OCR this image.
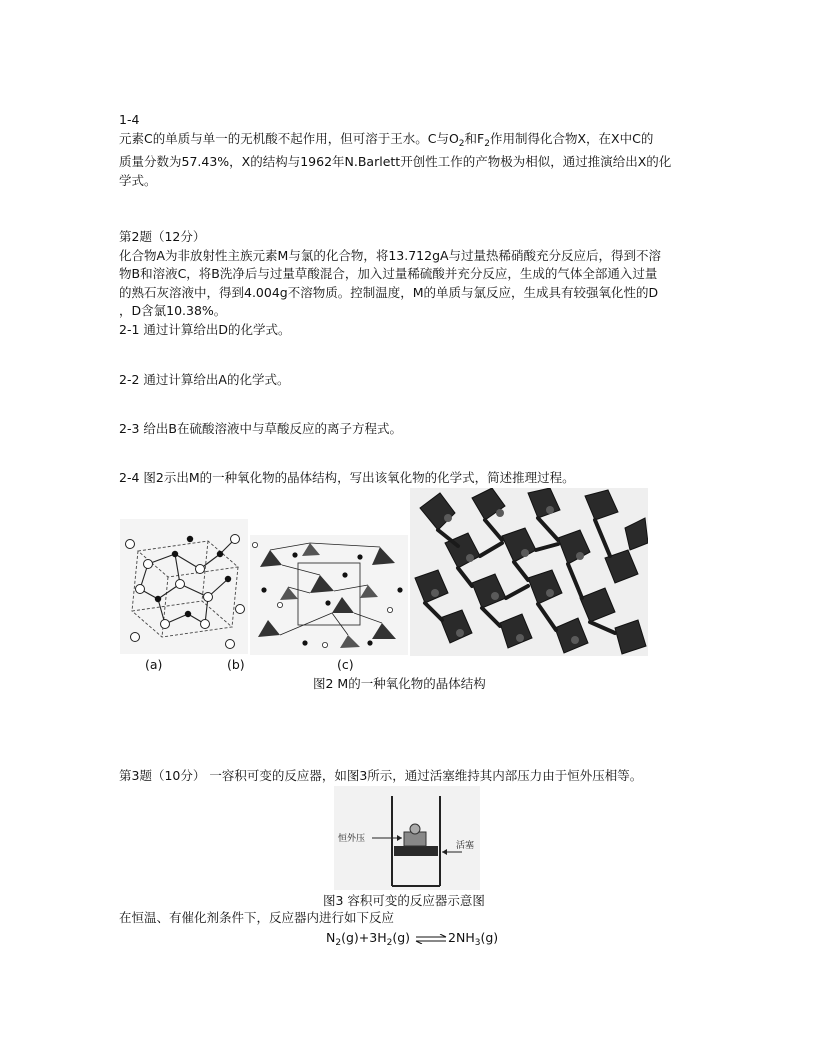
1-4
元素C的单质与单一的无机酸不起作用，但可溶于王水。C与$O_2$和$F_2$作用制得化合物X，在X中C的
质量分数为57.43%，X的结构与1962年N.Barlett开创性工作的产物极为相似，通过推演给出X的化
学式。
第2题（12分）
化合物A为非放射性主族元素M与氯的化合物，将13.712gA与过量热稀硝酸充分反应后，得到不溶
物B和溶液C，将B洗净后与过量草酸混合，加入过量稀硫酸并充分反应，生成的气体全部通入过量
的熟石灰溶液中，得到4.004g不溶物质。控制温度，M的单质与氯反应，生成具有较强氧化性的D
，D含氯10.38%。
2-1 通过计算给出D的化学式。
2-2 通过计算给出A的化学式。
2-3 给出B在硫酸溶液中与草酸反应的离子方程式。
2-4 图2示出M的一种氧化物的晶体结构，写出该氧化物的化学式，简述推理过程。
(a)	(b)	(c)
图2 M的一种氧化物的晶体结构
第3题（10分） 一容积可变的反应器，如图3所示，通过活塞维持其内部压力由于恒外压相等。
恒外压
活塞
图3 容积可变的反应器示意图
在恒温、有催化剂条件下，反应器内进行如下反应
$N_2(g)+3H_2(g)$ $\rightleftharpoons 2NH_3(g)$
